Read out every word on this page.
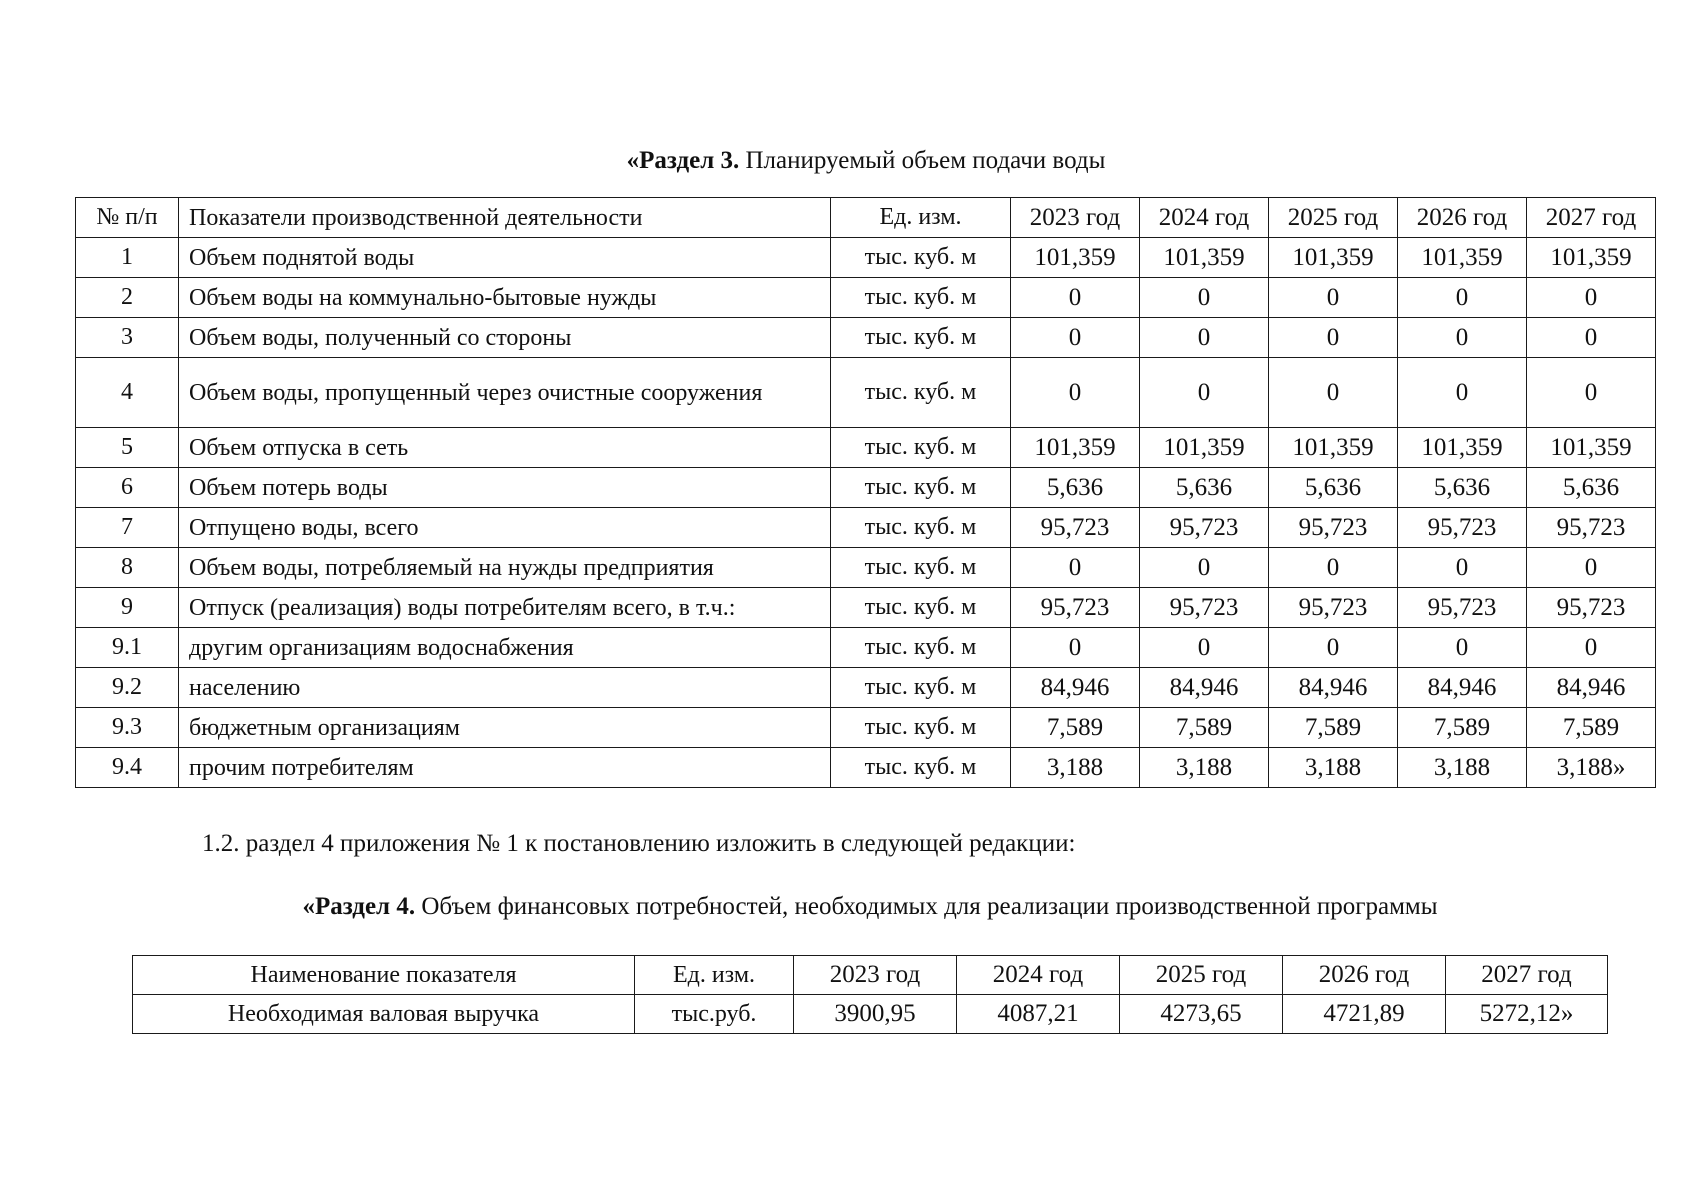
«Раздел 3. Планируемый объем подачи воды

№ п/п	Показатели производственной деятельности	Ед. изм.	2023 год	2024 год	2025 год	2026 год	2027 год
1	Объем поднятой воды	тыс. куб. м	101,359	101,359	101,359	101,359	101,359
2	Объем воды на коммунально-бытовые нужды	тыс. куб. м	0	0	0	0	0
3	Объем воды, полученный со стороны	тыс. куб. м	0	0	0	0	0
4	Объем воды, пропущенный через очистные сооружения	тыс. куб. м	0	0	0	0	0
5	Объем отпуска в сеть	тыс. куб. м	101,359	101,359	101,359	101,359	101,359
6	Объем потерь воды	тыс. куб. м	5,636	5,636	5,636	5,636	5,636
7	Отпущено воды, всего	тыс. куб. м	95,723	95,723	95,723	95,723	95,723
8	Объем воды, потребляемый на нужды предприятия	тыс. куб. м	0	0	0	0	0
9	Отпуск (реализация) воды потребителям всего, в т.ч.:	тыс. куб. м	95,723	95,723	95,723	95,723	95,723
9.1	другим организациям водоснабжения	тыс. куб. м	0	0	0	0	0
9.2	населению	тыс. куб. м	84,946	84,946	84,946	84,946	84,946
9.3	бюджетным организациям	тыс. куб. м	7,589	7,589	7,589	7,589	7,589
9.4	прочим потребителям	тыс. куб. м	3,188	3,188	3,188	3,188	3,188»

1.2. раздел 4 приложения № 1 к постановлению изложить в следующей редакции:

«Раздел 4. Объем финансовых потребностей, необходимых для реализации производственной программы

Наименование показателя	Ед. изм.	2023 год	2024 год	2025 год	2026 год	2027 год
Необходимая валовая выручка	тыс.руб.	3900,95	4087,21	4273,65	4721,89	5272,12»
